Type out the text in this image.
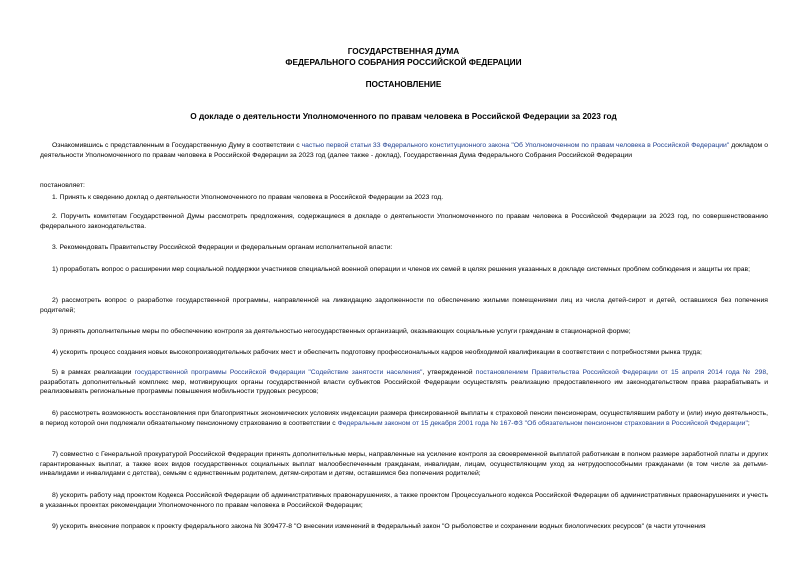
ГОСУДАРСТВЕННАЯ ДУМА
ФЕДЕРАЛЬНОГО СОБРАНИЯ РОССИЙСКОЙ ФЕДЕРАЦИИ
ПОСТАНОВЛЕНИЕ
О докладе о деятельности Уполномоченного по правам человека в Российской Федерации за 2023 год
Ознакомившись с представленным в Государственную Думу в соответствии с частью первой статьи 33 Федерального конституционного закона "Об Уполномоченном по правам человека в Российской Федерации" докладом о деятельности Уполномоченного по правам человека в Российской Федерации за 2023 год (далее также - доклад), Государственная Дума Федерального Собрания Российской Федерации
постановляет:
1. Принять к сведению доклад о деятельности Уполномоченного по правам человека в Российской Федерации за 2023 год.
2. Поручить комитетам Государственной Думы рассмотреть предложения, содержащиеся в докладе о деятельности Уполномоченного по правам человека в Российской Федерации за 2023 год, по совершенствованию федерального законодательства.
3. Рекомендовать Правительству Российской Федерации и федеральным органам исполнительной власти:
1) проработать вопрос о расширении мер социальной поддержки участников специальной военной операции и членов их семей в целях решения указанных в докладе системных проблем соблюдения и защиты их прав;
2) рассмотреть вопрос о разработке государственной программы, направленной на ликвидацию задолженности по обеспечению жилыми помещениями лиц из числа детей-сирот и детей, оставшихся без попечения родителей;
3) принять дополнительные меры по обеспечению контроля за деятельностью негосударственных организаций, оказывающих социальные услуги гражданам в стационарной форме;
4) ускорить процесс создания новых высокопроизводительных рабочих мест и обеспечить подготовку профессиональных кадров необходимой квалификации в соответствии с потребностями рынка труда;
5) в рамках реализации государственной программы Российской Федерации "Содействие занятости населения", утвержденной постановлением Правительства Российской Федерации от 15 апреля 2014 года № 298, разработать дополнительный комплекс мер, мотивирующих органы государственной власти субъектов Российской Федерации осуществлять реализацию предоставленного им законодательством права разрабатывать и реализовывать региональные программы повышения мобильности трудовых ресурсов;
6) рассмотреть возможность восстановления при благоприятных экономических условиях индексации размера фиксированной выплаты к страховой пенсии пенсионерам, осуществлявшим работу и (или) иную деятельность, в период которой они подлежали обязательному пенсионному страхованию в соответствии с Федеральным законом от 15 декабря 2001 года № 167-ФЗ "Об обязательном пенсионном страховании в Российской Федерации";
7) совместно с Генеральной прокуратурой Российской Федерации принять дополнительные меры, направленные на усиление контроля за своевременной выплатой работникам в полном размере заработной платы и других гарантированных выплат, а также всех видов государственных социальных выплат малообеспеченным гражданам, инвалидам, лицам, осуществляющим уход за нетрудоспособными гражданами (в том числе за детьми-инвалидами и инвалидами с детства), семьям с единственным родителем, детям-сиротам и детям, оставшимся без попечения родителей;
8) ускорить работу над проектом Кодекса Российской Федерации об административных правонарушениях, а также проектом Процессуального кодекса Российской Федерации об административных правонарушениях и учесть в указанных проектах рекомендации Уполномоченного по правам человека в Российской Федерации;
9) ускорить внесение поправок к проекту федерального закона № 309477-8 "О внесении изменений в Федеральный закон "О рыболовстве и сохранении водных биологических ресурсов" (в части уточнения
